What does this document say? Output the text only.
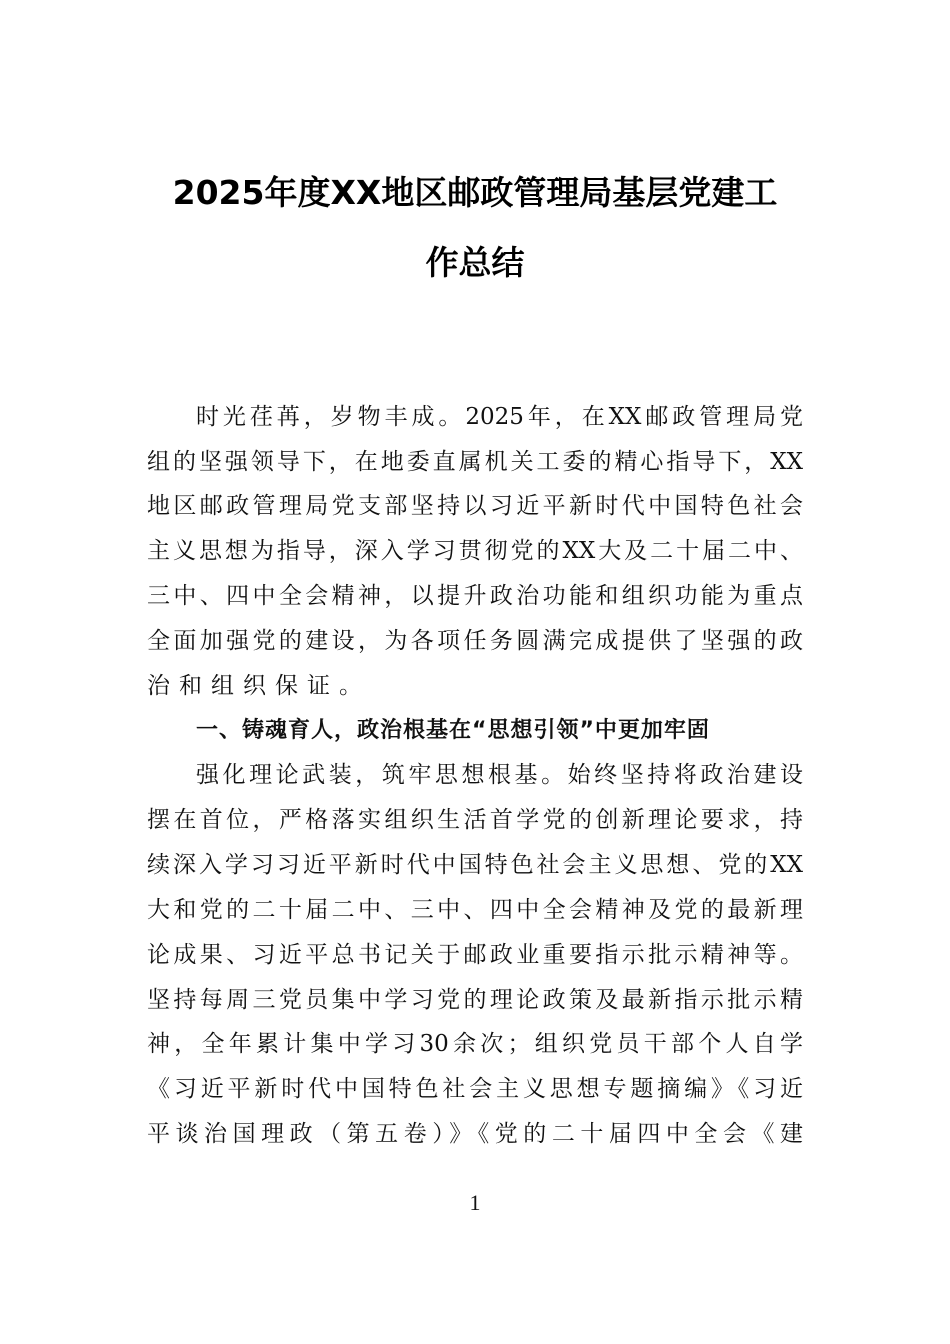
2025年度XX地区邮政管理局基层党建工
作总结
时光荏苒，岁物丰成。2025年，在XX邮政管理局党
组的坚强领导下，在地委直属机关工委的精心指导下，XX
地区邮政管理局党支部坚持以习近平新时代中国特色社会
主义思想为指导，深入学习贯彻党的XX大及二十届二中、
三中、四中全会精神，以提升政治功能和组织功能为重点
全面加强党的建设，为各项任务圆满完成提供了坚强的政
治和组织保证。
一、铸魂育人，政治根基在“思想引领”中更加牢固
强化理论武装，筑牢思想根基。始终坚持将政治建设
摆在首位，严格落实组织生活首学党的创新理论要求，持
续深入学习习近平新时代中国特色社会主义思想、党的XX
大和党的二十届二中、三中、四中全会精神及党的最新理
论成果、习近平总书记关于邮政业重要指示批示精神等。
坚持每周三党员集中学习党的理论政策及最新指示批示精
神，全年累计集中学习30余次；组织党员干部个人自学
《习近平新时代中国特色社会主义思想专题摘编》《习近
平谈治国理政（第五卷）》《党的二十届四中全会《建
1
